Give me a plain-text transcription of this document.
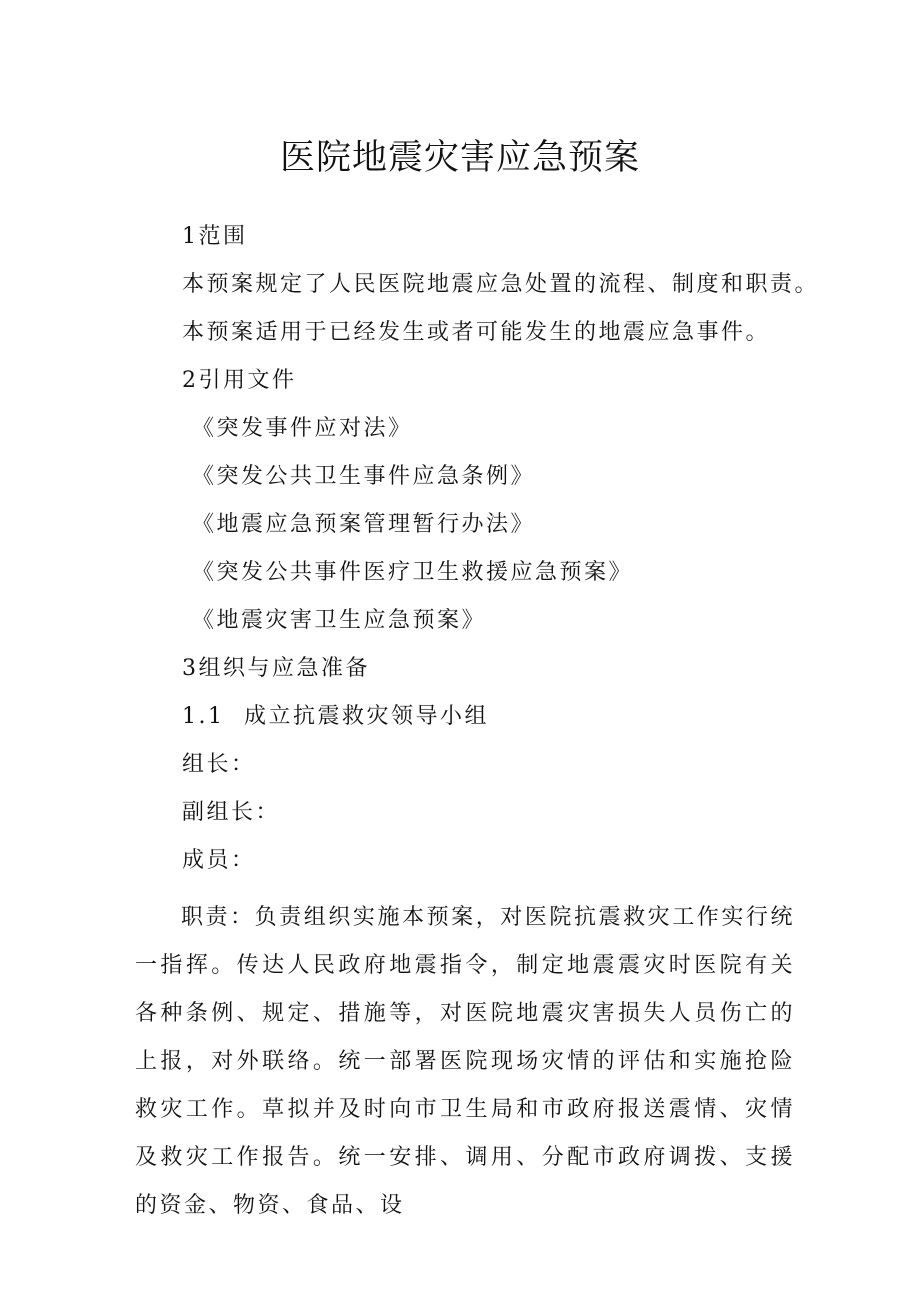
医院地震灾害应急预案
1范围
本预案规定了人民医院地震应急处置的流程、制度和职责。
本预案适用于已经发生或者可能发生的地震应急事件。
2引用文件
《突发事件应对法》
《突发公共卫生事件应急条例》
《地震应急预案管理暂行办法》
《突发公共事件医疗卫生救援应急预案》
《地震灾害卫生应急预案》
3组织与应急准备
1.1 成立抗震救灾领导小组
组长：
副组长：
成员：

职责：负责组织实施本预案，对医院抗震救灾工作实行统一指挥。传达人民政府地震指令，制定地震震灾时医院有关各种条例、规定、措施等，对医院地震灾害损失人员伤亡的上报，对外联络。统一部署医院现场灾情的评估和实施抢险救灾工作。草拟并及时向市卫生局和市政府报送震情、灾情及救灾工作报告。统一安排、调用、分配市政府调拨、支援的资金、物资、食品、设
